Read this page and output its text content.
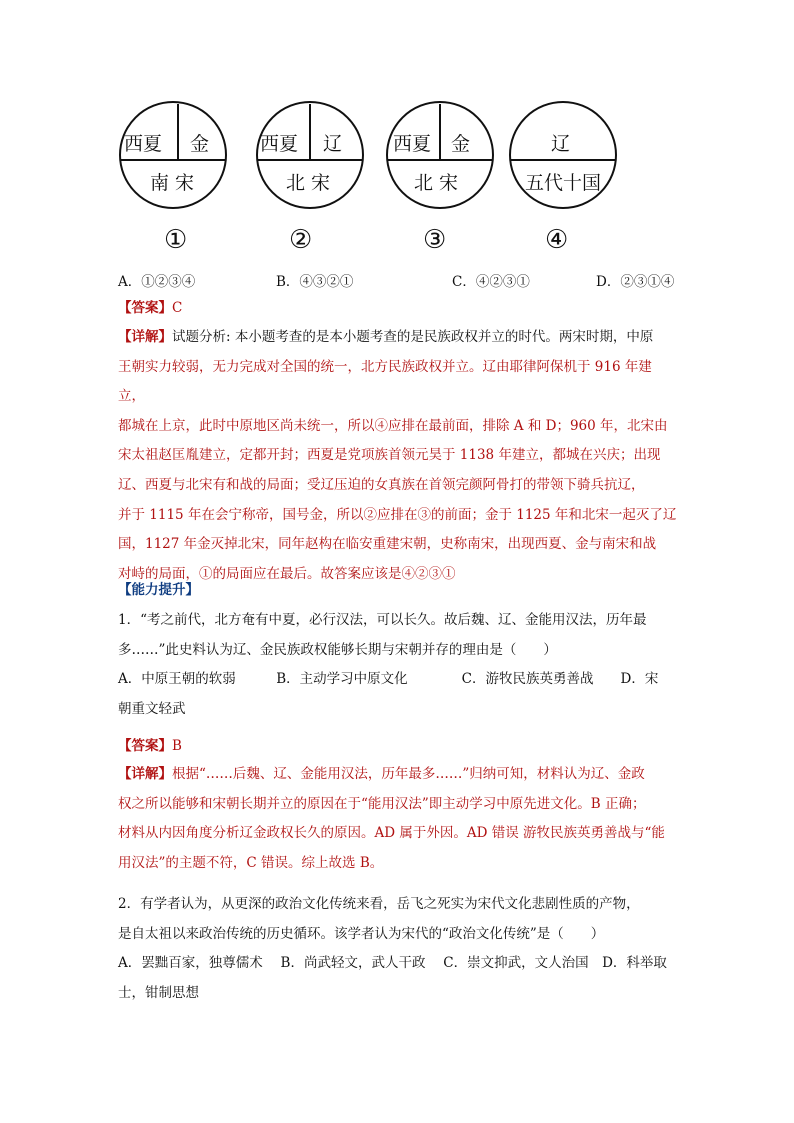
西夏 金
南 宋
①
西夏 辽
北 宋
②
西夏 金
北 宋
③
辽
五代十国
④
A．①②③④	B．④③②①	C．④②③①	D．②③①④
【答案】C
【详解】试题分析: 本小题考查的是本小题考查的是民族政权并立的时代。两宋时期，中原
王朝实力较弱，无力完成对全国的统一，北方民族政权并立。辽由耶律阿保机于 916 年建立，
都城在上京，此时中原地区尚未统一，所以④应排在最前面，排除 A 和 D；960 年，北宋由
宋太祖赵匡胤建立，定都开封；西夏是党项族首领元昊于 1138 年建立，都城在兴庆；出现
辽、西夏与北宋有和战的局面；受辽压迫的女真族在首领完颜阿骨打的带领下骑兵抗辽，
并于 1115 年在会宁称帝，国号金，所以②应排在③的前面；金于 1125 年和北宋一起灭了辽
国，1127 年金灭掉北宋，同年赵构在临安重建宋朝，史称南宋，出现西夏、金与南宋和战
对峙的局面，①的局面应在最后。故答案应该是④②③①
【能力提升】
1．“考之前代，北方奄有中夏，必行汉法，可以长久。故后魏、辽、金能用汉法，历年最
多……”此史料认为辽、金民族政权能够长期与宋朝并存的理由是（　　）
A．中原王朝的软弱　　　B．主动学习中原文化　　　　C．游牧民族英勇善战　　D．宋
朝重文轻武
【答案】B
【详解】根据“……后魏、辽、金能用汉法，历年最多……”归纳可知，材料认为辽、金政
权之所以能够和宋朝长期并立的原因在于“能用汉法”即主动学习中原先进文化。B 正确；
材料从内因角度分析辽金政权长久的原因。AD 属于外因。AD 错误 游牧民族英勇善战与“能
用汉法”的主题不符，C 错误。综上故选 B。
2．有学者认为，从更深的政治文化传统来看，岳飞之死实为宋代文化悲剧性质的产物，
是自太祖以来政治传统的历史循环。该学者认为宋代的“政治文化传统”是（　　）
A．罢黜百家，独尊儒术　 B．尚武轻文，武人干政　 C．崇文抑武，文人治国　D．科举取
士，钳制思想
